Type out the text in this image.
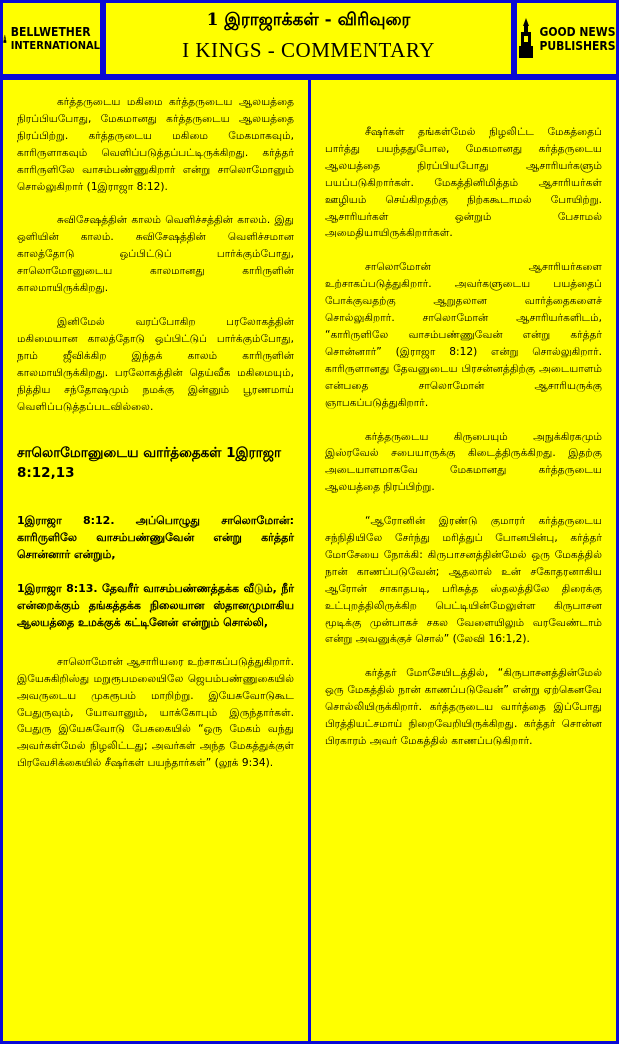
BELLWETHER
INTERNATIONAL
1 இராஜாக்கள் - விரிவுரை
I KINGS - COMMENTARY
GOOD NEWS
PUBLISHERS

கர்த்தருடைய மகிமை கர்த்தருடைய ஆலயத்தை நிரப்பியபோது, மேகமானது கர்த்தருடைய ஆலயத்தை நிரப்பிற்று. கர்த்தருடைய மகிமை மேகமாகவும், காரிருளாகவும் வெளிப்படுத்தப்பட்டிருக்கிறது. கர்த்தர் காரிருளிலே வாசம்பண்ணுகிறார் என்று சாலொமோனும் சொல்லுகிறார் (1இராஜா 8:12).

சுவிசேஷத்தின் காலம் வெளிச்சத்தின் காலம். இது ஒளியின் காலம். சுவிசேஷத்தின் வெளிச்சமான காலத்தோடு ஒப்பிட்டுப் பார்க்கும்போது, சாலொமோனுடைய காலமானது காரிருளின் காலமாயிருக்கிறது.

இனிமேல் வரப்போகிற பரலோகத்தின் மகிமையான காலத்தோடு ஒப்பிட்டுப் பார்க்கும்போது, நாம் ஜீவிக்கிற இந்தக் காலம் காரிருளின் காலமாயிருக்கிறது. பரலோகத்தின் தெய்வீக மகிமையும், நித்திய சந்தோஷமும் நமக்கு இன்னும் பூரணமாய் வெளிப்படுத்தப்படவில்லை.

சாலொமோனுடைய வார்த்தைகள் 1இராஜா 8:12,13

1இராஜா 8:12. அப்பொழுது சாலொமோன்: காரிருளிலே வாசம்பண்ணுவேன் என்று கர்த்தர் சொன்னார் என்றும்,

1இராஜா 8:13. தேவரீர் வாசம்பண்ணத்தக்க வீடும், நீர் என்றைக்கும் தங்கத்தக்க நிலையான ஸ்தானமுமாகிய ஆலயத்தை உமக்குக் கட்டினேன் என்றும் சொல்லி,

சாலொமோன் ஆசாரியரை உற்சாகப்படுத்துகிறார். இயேசுகிறிஸ்து மறுரூபமலையிலே ஜெபம்பண்ணுகையில் அவருடைய முகரூபம் மாறிற்று. இயேசுவோடுகூட பேதுருவும், யோவானும், யாக்கோபும் இருந்தார்கள். பேதுரு இயேசுவோடு பேசுகையில் “ஒரு மேகம் வந்து அவர்கள்மேல் நிழலிட்டது; அவர்கள் அந்த மேகத்துக்குள் பிரவேசிக்கையில் சீஷர்கள் பயந்தார்கள்” (லூக் 9:34).

சீஷர்கள் தங்கள்மேல் நிழலிட்ட மேகத்தைப் பார்த்து பயந்ததுபோல, மேகமானது கர்த்தருடைய ஆலயத்தை நிரப்பியபோது ஆசாரியர்களும் பயப்படுகிறார்கள். மேகத்தினிமித்தம் ஆசாரியர்கள் ஊழியம் செய்கிறதற்கு நிற்ககூடாமல் போயிற்று. ஆசாரியர்கள் ஒன்றும் பேசாமல் அமைதியாயிருக்கிறார்கள்.

சாலொமோன் ஆசாரியர்களை உற்சாகப்படுத்துகிறார். அவர்களுடைய பயத்தைப் போக்குவதற்கு ஆறுதலான வார்த்தைகளைச் சொல்லுகிறார். சாலொமோன் ஆசாரியர்களிடம், “காரிருளிலே வாசம்பண்ணுவேன் என்று கர்த்தர் சொன்னார்” (இராஜா 8:12) என்று சொல்லுகிறார். காரிருளானது தேவனுடைய பிரசன்னத்திற்கு அடையாளம் என்பதை சாலொமோன் ஆசாரியருக்கு ஞாபகப்படுத்துகிறார்.

கர்த்தருடைய கிருபையும் அநுக்கிரகமும் இஸ்ரவேல் சபையாருக்கு கிடைத்திருக்கிறது. இதற்கு அடையாளமாகவே மேகமானது கர்த்தருடைய ஆலயத்தை நிரப்பிற்று.

“ஆரோனின் இரண்டு குமாரர் கர்த்தருடைய சந்நிதியிலே சேர்ந்து மரித்துப் போனபின்பு, கர்த்தர் மோசேயை நோக்கி: கிருபாசனத்தின்மேல் ஒரு மேகத்தில் நான் காணப்படுவேன்; ஆதலால் உன் சகோதரனாகிய ஆரோன் சாகாதபடி, பரிசுத்த ஸ்தலத்திலே திரைக்கு உட்புறத்திலிருக்கிற பெட்டியின்மேலுள்ள கிருபாசன மூடிக்கு முன்பாகச் சகல வேளையிலும் வரவேண்டாம் என்று அவனுக்குச் சொல்” (லேவி 16:1,2).

கர்த்தர் மோசேயிடத்தில், “கிருபாசனத்தின்மேல் ஒரு மேகத்தில் நான் காணப்படுவேன்” என்று ஏற்கெனவே சொல்லியிருக்கிறார். கர்த்தருடைய வார்த்தை இப்போது பிரத்தியட்சமாய் நிறைவேறியிருக்கிறது. கர்த்தர் சொன்ன பிரகாரம் அவர் மேகத்தில் காணப்படுகிறார்.
